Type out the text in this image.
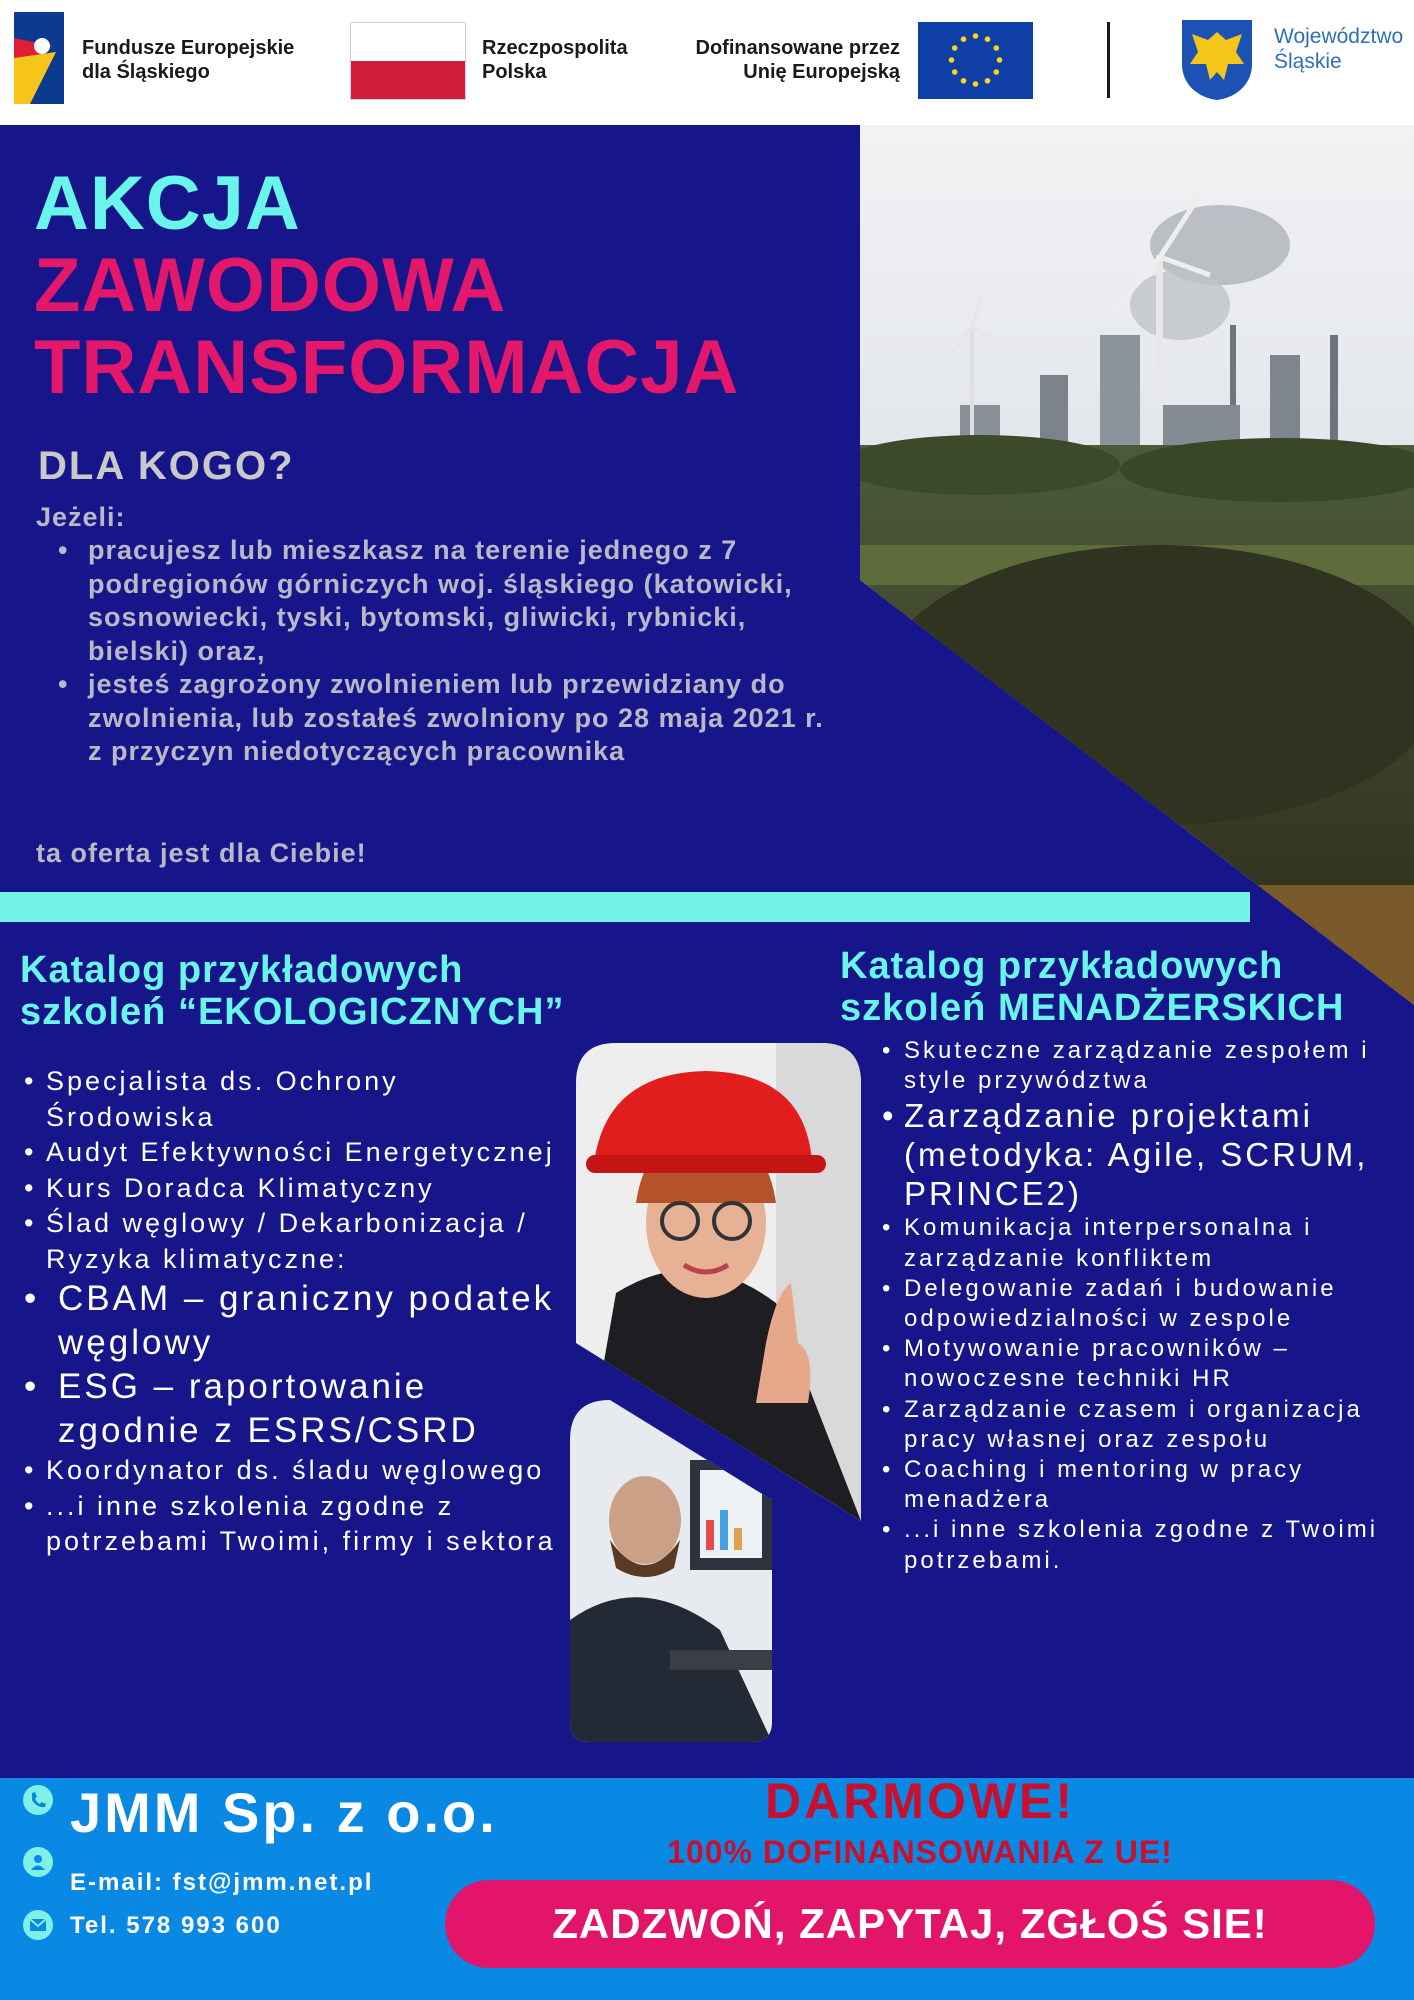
Fundusze Europejskie
dla Śląskiego
Rzeczpospolita
Polska
Dofinansowane przez
Unię Europejską
Województwo
Śląskie
AKCJA
ZAWODOWA
TRANSFORMACJA
DLA KOGO?
Jeżeli:
• pracujesz lub mieszkasz na terenie jednego z 7 podregionów górniczych woj. śląskiego (katowicki, sosnowiecki, tyski, bytomski, gliwicki, rybnicki, bielski) oraz,
• jesteś zagrożony zwolnieniem lub przewidziany do zwolnienia, lub zostałeś zwolniony po 28 maja 2021 r. z przyczyn niedotyczących pracownika
ta oferta jest dla Ciebie!
Katalog przykładowych
szkoleń “EKOLOGICZNYCH”
• Specjalista ds. Ochrony Środowiska
• Audyt Efektywności Energetycznej
• Kurs Doradca Klimatyczny
• Ślad węglowy / Dekarbonizacja / Ryzyka klimatyczne:
• CBAM – graniczny podatek węglowy
• ESG – raportowanie zgodnie z ESRS/CSRD
• Koordynator ds. śladu węglowego
• ...i inne szkolenia zgodne z potrzebami Twoimi, firmy i sektora
Katalog przykładowych
szkoleń MENADŻERSKICH
• Skuteczne zarządzanie zespołem i style przywództwa
• Zarządzanie projektami (metodyka: Agile, SCRUM, PRINCE2)
• Komunikacja interpersonalna i zarządzanie konfliktem
• Delegowanie zadań i budowanie odpowiedzialności w zespole
• Motywowanie pracowników – nowoczesne techniki HR
• Zarządzanie czasem i organizacja pracy własnej oraz zespołu
• Coaching i mentoring w pracy menadżera
• ...i inne szkolenia zgodne z Twoimi potrzebami.
JMM Sp. z o.o.
E-mail: fst@jmm.net.pl
Tel. 578 993 600
DARMOWE!
100% DOFINANSOWANIA Z UE!
ZADZWOŃ, ZAPYTAJ, ZGŁOŚ SIE!
